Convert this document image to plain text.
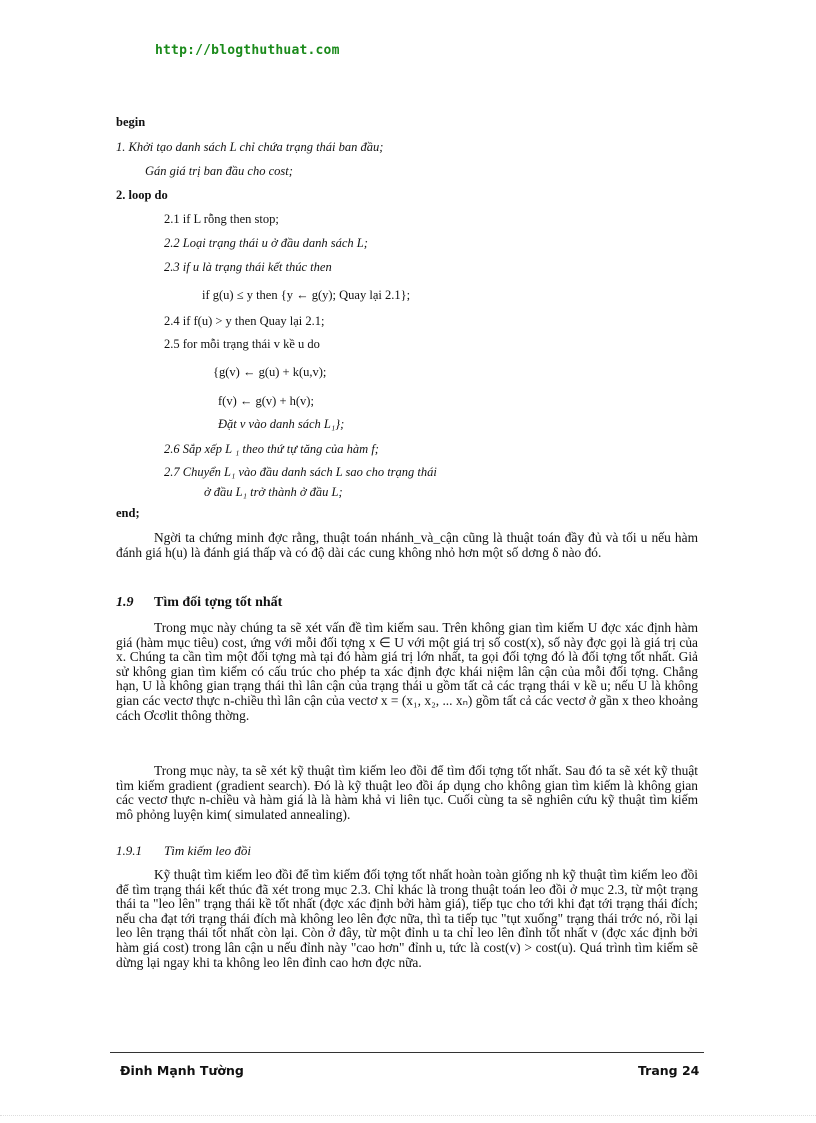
http://blogthuthuat.com
begin
1. Khởi tạo danh sách L chỉ chứa trạng thái ban đầu;
Gán giá trị ban đầu cho cost;
2. loop do
2.1 if L rỗng then stop;
2.2 Loại trạng thái u ở đầu danh sách L;
2.3 if u là trạng thái kết thúc then
if g(u) ≤ y then {y ← g(y); Quay lại 2.1};
2.4 if f(u) > y then Quay lại 2.1;
2.5 for mỗi trạng thái v kề u do
{g(v) ← g(u) + k(u,v);
f(v) ← g(v) + h(v);
Đặt v vào danh sách L₁};
2.6 Sắp xếp L ₁ theo thứ tự tăng của hàm f;
2.7 Chuyển L₁ vào đầu danh sách L sao cho trạng thái
ở đầu L₁ trở thành ở đầu L;
end;

Ngời ta chứng minh đợc rằng, thuật toán nhánh_và_cận cũng là thuật toán đầy đủ và tối u nếu hàm đánh giá h(u) là đánh giá thấp và có độ dài các cung không nhỏ hơn một số dơng δ nào đó.

1.9 Tìm đối tợng tốt nhất

Trong mục này chúng ta sẽ xét vấn đề tìm kiếm sau. Trên không gian tìm kiếm U đợc xác định hàm giá (hàm mục tiêu) cost, ứng với mỗi đối tợng x ∈ U với một giá trị số cost(x), số này đợc gọi là giá trị của x. Chúng ta cần tìm một đối tợng mà tại đó hàm giá trị lớn nhất, ta gọi đối tợng đó là đối tợng tốt nhất. Giả sử không gian tìm kiếm có cấu trúc cho phép ta xác định đợc khái niệm lân cận của mỗi đối tợng. Chẳng hạn, U là không gian trạng thái thì lân cận của trạng thái u gồm tất cả các trạng thái v kề u; nếu U là không gian các vectơ thực n-chiều thì lân cận của vectơ x = (x₁, x₂, ... xₙ) gồm tất cả các vectơ ở gần x theo khoảng cách Ơcơlit thông thờng.

Trong mục này, ta sẽ xét kỹ thuật tìm kiếm leo đồi để tìm đối tợng tốt nhất. Sau đó ta sẽ xét kỹ thuật tìm kiếm gradient (gradient search). Đó là kỹ thuật leo đồi áp dụng cho không gian tìm kiếm là không gian các vectơ thực n-chiều và hàm giá là là hàm khả vi liên tục. Cuối cùng ta sẽ nghiên cứu kỹ thuật tìm kiếm mô phỏng luyện kim( simulated annealing).

1.9.1 Tìm kiếm leo đồi

Kỹ thuật tìm kiếm leo đồi để tìm kiếm đối tợng tốt nhất hoàn toàn giống nh kỹ thuật tìm kiếm leo đồi để tìm trạng thái kết thúc đã xét trong mục 2.3. Chỉ khác là trong thuật toán leo đồi ở mục 2.3, từ một trạng thái ta "leo lên" trạng thái kề tốt nhất (đợc xác định bởi hàm giá), tiếp tục cho tới khi đạt tới trạng thái đích; nếu cha đạt tới trạng thái đích mà không leo lên đợc nữa, thì ta tiếp tục "tụt xuống" trạng thái trớc nó, rồi lại leo lên trạng thái tốt nhất còn lại. Còn ở đây, từ một đỉnh u ta chỉ leo lên đỉnh tốt nhất v (đợc xác định bởi hàm giá cost) trong lân cận u nếu đỉnh này "cao hơn" đỉnh u, tức là cost(v) > cost(u). Quá trình tìm kiếm sẽ dừng lại ngay khi ta không leo lên đỉnh cao hơn đợc nữa.

Đinh Mạnh Tường	Trang 24
